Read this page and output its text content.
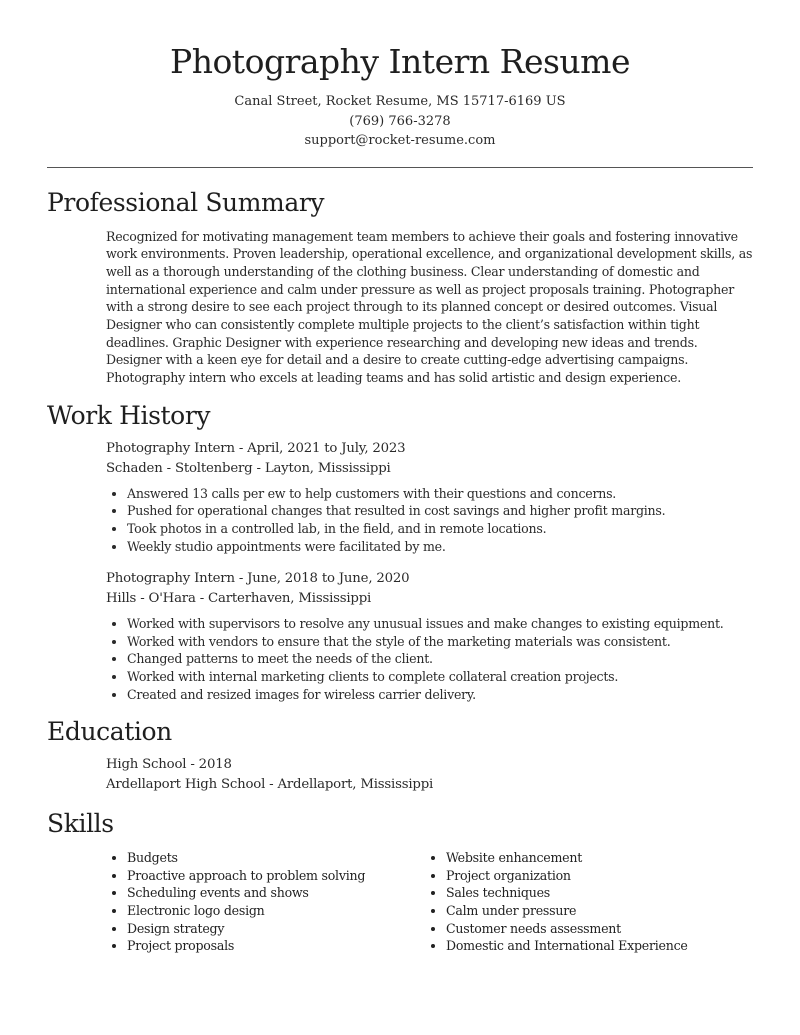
Photography Intern Resume
Canal Street, Rocket Resume, MS 15717-6169 US
(769) 766-3278
support@rocket-resume.com
Professional Summary

Recognized for motivating management team members to achieve their goals and fostering innovative work environments. Proven leadership, operational excellence, and organizational development skills, as well as a thorough understanding of the clothing business. Clear understanding of domestic and international experience and calm under pressure as well as project proposals training. Photographer with a strong desire to see each project through to its planned concept or desired outcomes. Visual Designer who can consistently complete multiple projects to the client’s satisfaction within tight deadlines. Graphic Designer with experience researching and developing new ideas and trends. Designer with a keen eye for detail and a desire to create cutting-edge advertising campaigns. Photography intern who excels at leading teams and has solid artistic and design experience.

Work History
Photography Intern - April, 2021 to July, 2023
Schaden - Stoltenberg - Layton, Mississippi
• Answered 13 calls per ew to help customers with their questions and concerns.
• Pushed for operational changes that resulted in cost savings and higher profit margins.
• Took photos in a controlled lab, in the field, and in remote locations.
• Weekly studio appointments were facilitated by me.
Photography Intern - June, 2018 to June, 2020
Hills - O'Hara - Carterhaven, Mississippi
• Worked with supervisors to resolve any unusual issues and make changes to existing equipment.
• Worked with vendors to ensure that the style of the marketing materials was consistent.
• Changed patterns to meet the needs of the client.
• Worked with internal marketing clients to complete collateral creation projects.
• Created and resized images for wireless carrier delivery.
Education
High School - 2018
Ardellaport High School - Ardellaport, Mississippi
Skills
• Budgets
• Proactive approach to problem solving
• Scheduling events and shows
• Electronic logo design
• Design strategy
• Project proposals
• Website enhancement
• Project organization
• Sales techniques
• Calm under pressure
• Customer needs assessment
• Domestic and International Experience
